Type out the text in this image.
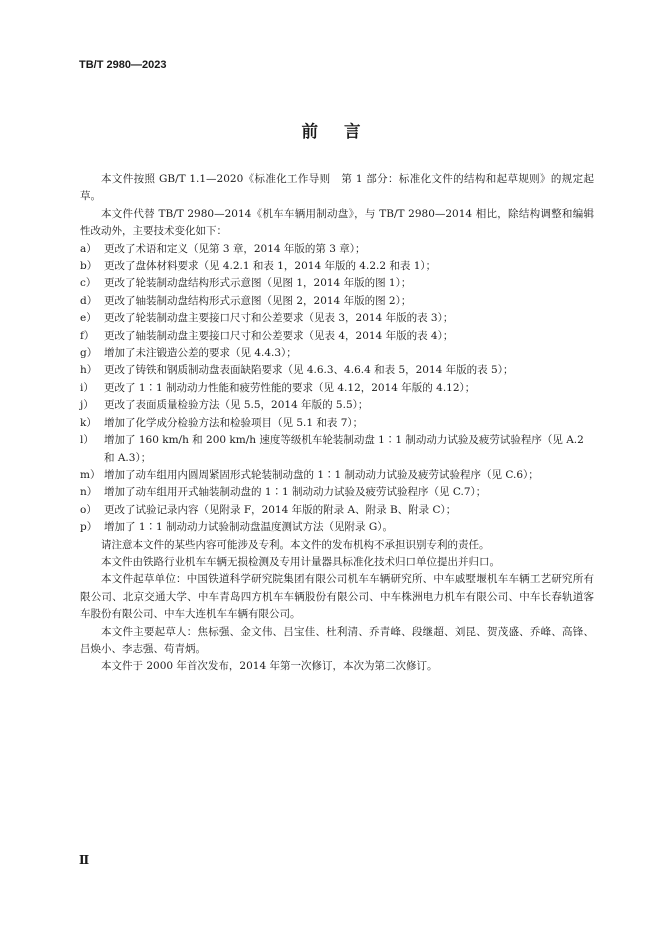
TB/T 2980—2023
前言

本文件按照 GB/T 1.1—2020《标准化工作导则　第 1 部分：标准化文件的结构和起草规则》的规定起草。

本文件代替 TB/T 2980—2014《机车车辆用制动盘》，与 TB/T 2980—2014 相比，除结构调整和编辑性改动外，主要技术变化如下：

a） 更改了术语和定义（见第 3 章，2014 年版的第 3 章）；
b） 更改了盘体材料要求（见 4.2.1 和表 1，2014 年版的 4.2.2 和表 1）；
c） 更改了轮装制动盘结构形式示意图（见图 1，2014 年版的图 1）；
d） 更改了轴装制动盘结构形式示意图（见图 2，2014 年版的图 2）；
e） 更改了轮装制动盘主要接口尺寸和公差要求（见表 3，2014 年版的表 3）；
f） 更改了轴装制动盘主要接口尺寸和公差要求（见表 4，2014 年版的表 4）；
g） 增加了未注锻造公差的要求（见 4.4.3）；
h） 更改了铸铁和钢质制动盘表面缺陷要求（见 4.6.3、4.6.4 和表 5，2014 年版的表 5）；
i） 更改了 1∶1 制动动力性能和疲劳性能的要求（见 4.12，2014 年版的 4.12）；
j） 更改了表面质量检验方法（见 5.5，2014 年版的 5.5）；
k） 增加了化学成分检验方法和检验项目（见 5.1 和表 7）；
l） 增加了 160 km/h 和 200 km/h 速度等级机车轮装制动盘 1∶1 制动动力试验及疲劳试验程序（见 A.2 和 A.3）；
m） 增加了动车组用内圆周紧固形式轮装制动盘的 1∶1 制动动力试验及疲劳试验程序（见 C.6）；
n） 增加了动车组用开式轴装制动盘的 1∶1 制动动力试验及疲劳试验程序（见 C.7）；
o） 更改了试验记录内容（见附录 F，2014 年版的附录 A、附录 B、附录 C）；
p） 增加了 1∶1 制动动力试验制动盘温度测试方法（见附录 G）。

请注意本文件的某些内容可能涉及专利。本文件的发布机构不承担识别专利的责任。

本文件由铁路行业机车车辆无损检测及专用计量器具标准化技术归口单位提出并归口。

本文件起草单位：中国铁道科学研究院集团有限公司机车车辆研究所、中车戚墅堰机车车辆工艺研究所有限公司、北京交通大学、中车青岛四方机车车辆股份有限公司、中车株洲电力机车有限公司、中车长春轨道客车股份有限公司、中车大连机车车辆有限公司。

本文件主要起草人：焦标强、金文伟、吕宝佳、杜利清、乔青峰、段继超、刘昆、贺茂盛、乔峰、高锋、吕焕小、李志强、苟青炳。

本文件于 2000 年首次发布，2014 年第一次修订，本次为第二次修订。

Ⅱ
